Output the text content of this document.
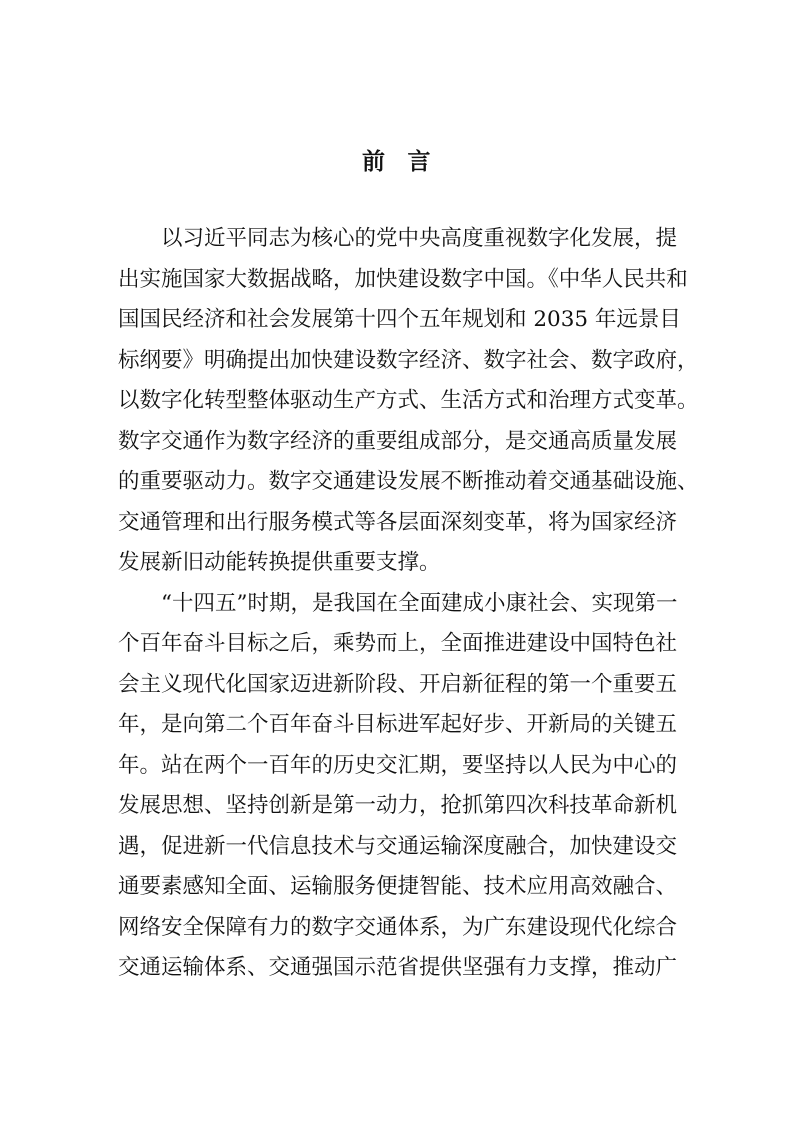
前 言
以习近平同志为核心的党中央高度重视数字化发展，提
出实施国家大数据战略，加快建设数字中国。《中华人民共和
国国民经济和社会发展第十四个五年规划和 2035 年远景目
标纲要》明确提出加快建设数字经济、数字社会、数字政府，
以数字化转型整体驱动生产方式、生活方式和治理方式变革。
数字交通作为数字经济的重要组成部分，是交通高质量发展
的重要驱动力。数字交通建设发展不断推动着交通基础设施、
交通管理和出行服务模式等各层面深刻变革，将为国家经济
发展新旧动能转换提供重要支撑。
“十四五”时期，是我国在全面建成小康社会、实现第一
个百年奋斗目标之后，乘势而上，全面推进建设中国特色社
会主义现代化国家迈进新阶段、开启新征程的第一个重要五
年，是向第二个百年奋斗目标进军起好步、开新局的关键五
年。站在两个一百年的历史交汇期，要坚持以人民为中心的
发展思想、坚持创新是第一动力，抢抓第四次科技革命新机
遇，促进新一代信息技术与交通运输深度融合，加快建设交
通要素感知全面、运输服务便捷智能、技术应用高效融合、
网络安全保障有力的数字交通体系，为广东建设现代化综合
交通运输体系、交通强国示范省提供坚强有力支撑，推动广
